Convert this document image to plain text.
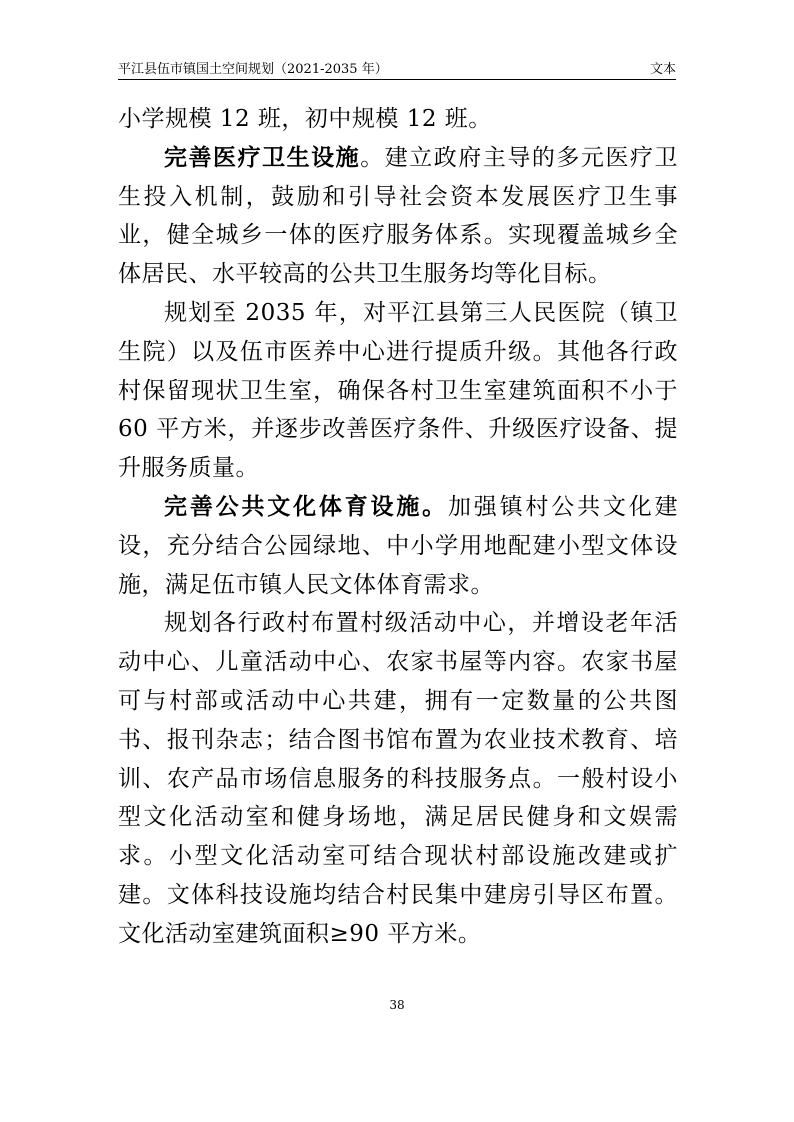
平江县伍市镇国土空间规划（2021-2035 年）	文本

小学规模 12 班，初中规模 12 班。

完善医疗卫生设施。建立政府主导的多元医疗卫生投入机制，鼓励和引导社会资本发展医疗卫生事业，健全城乡一体的医疗服务体系。实现覆盖城乡全体居民、水平较高的公共卫生服务均等化目标。

规划至 2035 年，对平江县第三人民医院（镇卫生院）以及伍市医养中心进行提质升级。其他各行政村保留现状卫生室，确保各村卫生室建筑面积不小于 60 平方米，并逐步改善医疗条件、升级医疗设备、提升服务质量。

完善公共文化体育设施。加强镇村公共文化建设，充分结合公园绿地、中小学用地配建小型文体设施，满足伍市镇人民文体体育需求。

规划各行政村布置村级活动中心，并增设老年活动中心、儿童活动中心、农家书屋等内容。农家书屋可与村部或活动中心共建，拥有一定数量的公共图书、报刊杂志；结合图书馆布置为农业技术教育、培训、农产品市场信息服务的科技服务点。一般村设小型文化活动室和健身场地，满足居民健身和文娱需求。小型文化活动室可结合现状村部设施改建或扩建。文体科技设施均结合村民集中建房引导区布置。文化活动室建筑面积≥90 平方米。

38
